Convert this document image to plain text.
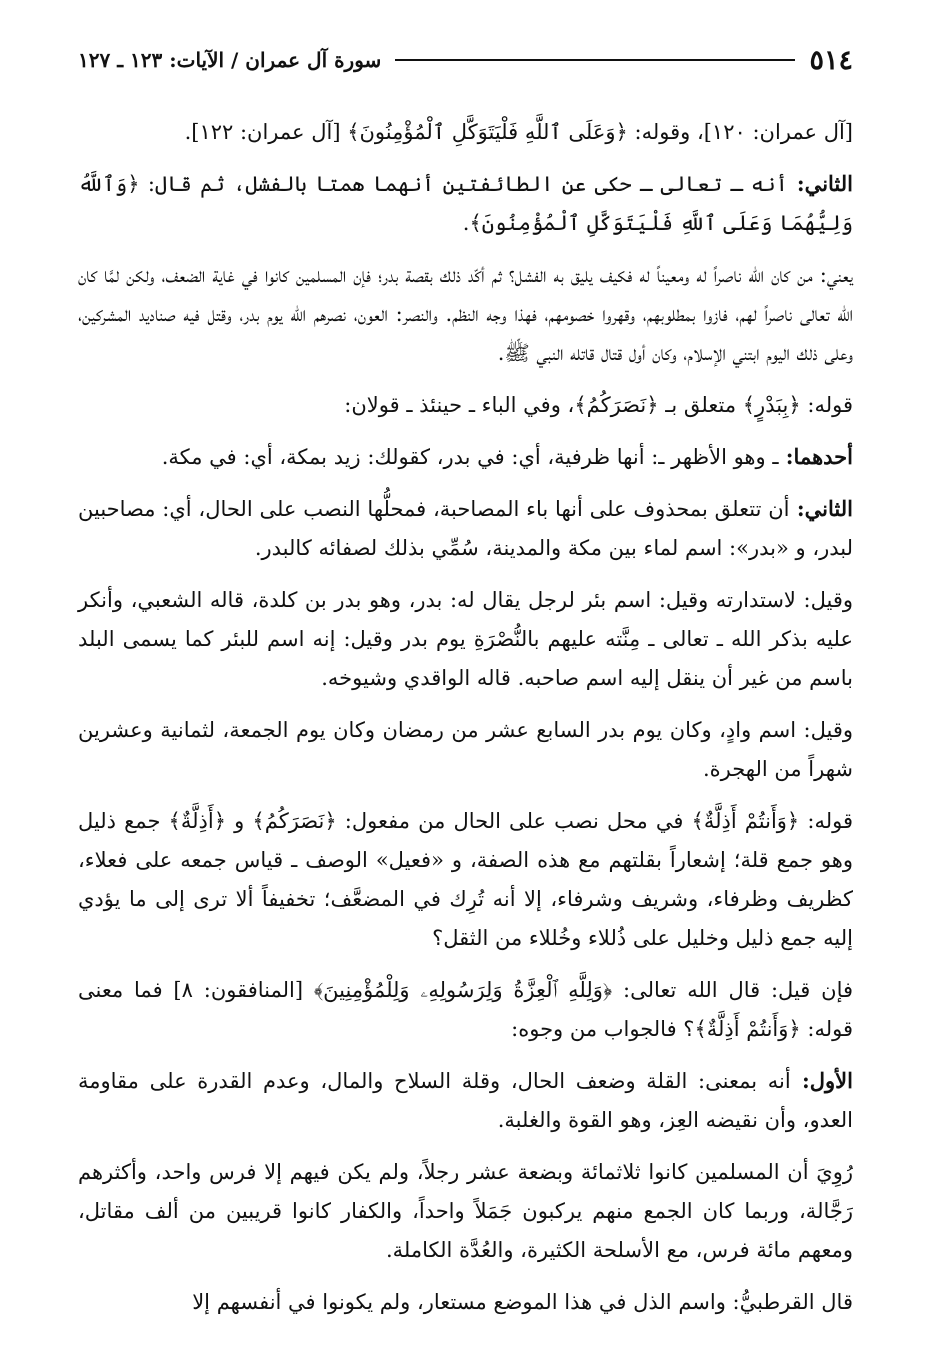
٥١٤
سورة آل عمران / الآيات: ١٢٣ ـ ١٢٧

[آل عمران: ١٢٠]، وقوله: ﴿وَعَلَى ٱللَّهِ فَلْيَتَوَكَّلِ ٱلْمُؤْمِنُونَ﴾ [آل عمران: ١٢٢].

الثاني: أنه ـ تعالى ـ حكى عن الطائفتين أنهما همتا بالفشل، ثم قال: ﴿وَٱللَّهُ وَلِيُّهُمَا وَعَلَى ٱللَّهِ فَلْيَتَوَكَّلِ ٱلْمُؤْمِنُونَ﴾.

يعني: من كان الله ناصراً له ومعيناً له فكيف يليق به الفشل؟ ثم أكّد ذلك بقصة بدر؛ فإن المسلمين كانوا في غاية الضعف، ولكن لمَّا كان الله تعالى ناصراً لهم، فازوا بمطلوبهم، وقهروا خصومهم، فهذا وجه النظم. والنصر: العون، نصرهم الله يوم بدر، وقتل فيه صناديد المشركين، وعلى ذلك اليوم ابتني الإسلام، وكان أول قتال قاتله النبي ﷺ.

قوله: ﴿بِبَدْرٍ﴾ متعلق بـ ﴿نَصَرَكُمُ﴾، وفي الباء ـ حينئذ ـ قولان:

أحدهما: ـ وهو الأظهر ـ: أنها ظرفية، أي: في بدر، كقولك: زيد بمكة، أي: في مكة.

الثاني: أن تتعلق بمحذوف على أنها باء المصاحبة، فمحلُّها النصب على الحال، أي: مصاحبين لبدر، و «بدر»: اسم لماء بين مكة والمدينة، سُمِّي بذلك لصفائه كالبدر.

وقيل: لاستدارته وقيل: اسم بئر لرجل يقال له: بدر، وهو بدر بن كلدة، قاله الشعبي، وأنكر عليه بذكر الله ـ تعالى ـ مِنَّته عليهم بالنُّصْرَةِ يوم بدر وقيل: إنه اسم للبئر كما يسمى البلد باسم من غير أن ينقل إليه اسم صاحبه. قاله الواقدي وشيوخه.

وقيل: اسم وادٍ، وكان يوم بدر السابع عشر من رمضان وكان يوم الجمعة، لثمانية وعشرين شهراً من الهجرة.

قوله: ﴿وَأَنتُمْ أَذِلَّةٌ﴾ في محل نصب على الحال من مفعول: ﴿نَصَرَكُمُ﴾ و ﴿أَذِلَّةٌ﴾ جمع ذليل وهو جمع قلة؛ إشعاراً بقلتهم مع هذه الصفة، و «فعيل» الوصف ـ قياس جمعه على فعلاء، كظريف وظرفاء، وشريف وشرفاء، إلا أنه تُرِك في المضعَّف؛ تخفيفاً ألا ترى إلى ما يؤدي إليه جمع ذليل وخليل على ذُللاء وخُللاء من الثقل؟

فإن قيل: قال الله تعالى: ﴿وَلِلَّهِ ٱلْعِزَّةُ وَلِرَسُولِهِۦ وَلِلْمُؤْمِنِينَ﴾ [المنافقون: ٨] فما معنى قوله: ﴿وَأَنتُمْ أَذِلَّةٌ﴾؟ فالجواب من وجوه:

الأول: أنه بمعنى: القلة وضعف الحال، وقلة السلاح والمال، وعدم القدرة على مقاومة العدو، وأن نقيضه العِز، وهو القوة والغلبة.

رُوِيَ أن المسلمين كانوا ثلاثمائة وبضعة عشر رجلاً، ولم يكن فيهم إلا فرس واحد، وأكثرهم رَجَّالة، وربما كان الجمع منهم يركبون جَمَلاً واحداً، والكفار كانوا قريبين من ألف مقاتل، ومعهم مائة فرس، مع الأسلحة الكثيرة، والعُدَّة الكاملة.

قال القرطبيُّ: واسم الذل في هذا الموضع مستعار، ولم يكونوا في أنفسهم إلا
